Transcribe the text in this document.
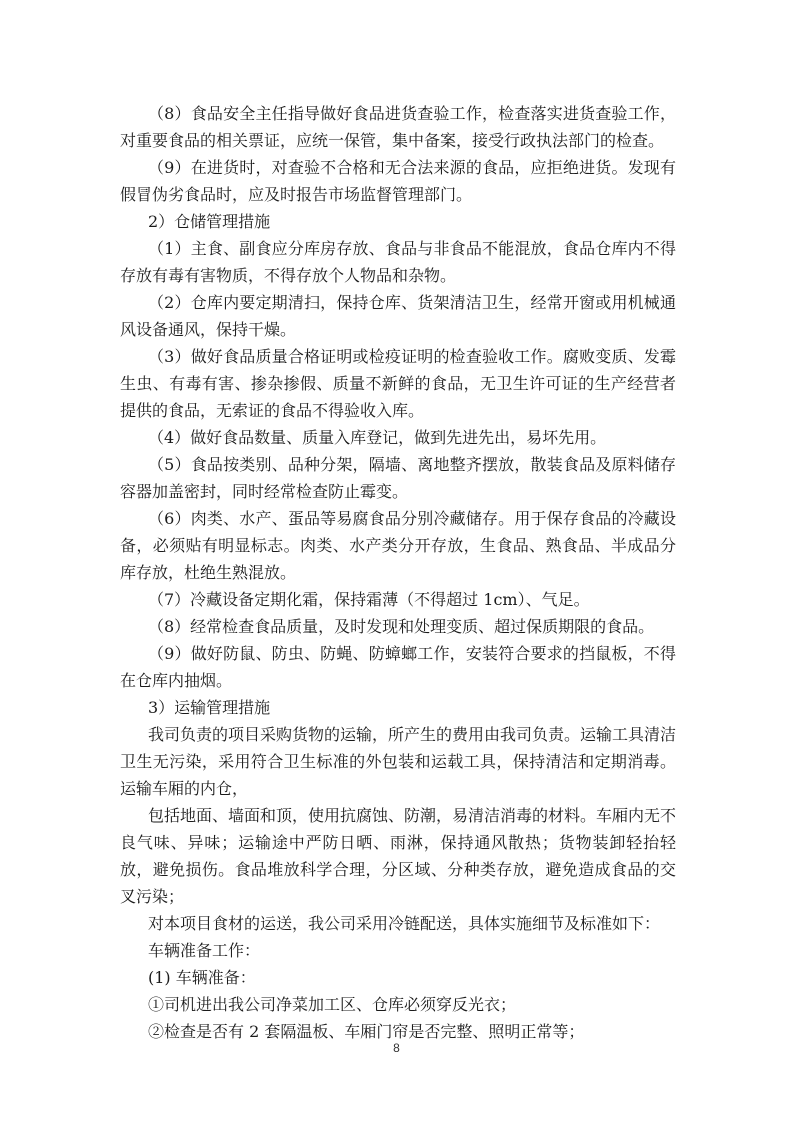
（8）食品安全主任指导做好食品进货查验工作，检查落实进货查验工作，对重要食品的相关票证，应统一保管，集中备案，接受行政执法部门的检查。

（9）在进货时，对查验不合格和无合法来源的食品，应拒绝进货。发现有假冒伪劣食品时，应及时报告市场监督管理部门。

2）仓储管理措施

（1）主食、副食应分库房存放、食品与非食品不能混放，食品仓库内不得存放有毒有害物质，不得存放个人物品和杂物。

（2）仓库内要定期清扫，保持仓库、货架清洁卫生，经常开窗或用机械通风设备通风，保持干燥。

（3）做好食品质量合格证明或检疫证明的检查验收工作。腐败变质、发霉生虫、有毒有害、掺杂掺假、质量不新鲜的食品，无卫生许可证的生产经营者提供的食品，无索证的食品不得验收入库。

（4）做好食品数量、质量入库登记，做到先进先出，易坏先用。

（5）食品按类别、品种分架，隔墙、离地整齐摆放，散装食品及原料储存容器加盖密封，同时经常检查防止霉变。

（6）肉类、水产、蛋品等易腐食品分别冷藏储存。用于保存食品的冷藏设备，必须贴有明显标志。肉类、水产类分开存放，生食品、熟食品、半成品分库存放，杜绝生熟混放。

（7）冷藏设备定期化霜，保持霜薄（不得超过 1cm）、气足。

（8）经常检查食品质量，及时发现和处理变质、超过保质期限的食品。

（9）做好防鼠、防虫、防蝇、防蟑螂工作，安装符合要求的挡鼠板，不得在仓库内抽烟。

3）运输管理措施

我司负责的项目采购货物的运输，所产生的费用由我司负责。运输工具清洁卫生无污染，采用符合卫生标准的外包装和运载工具，保持清洁和定期消毒。运输车厢的内仓，

包括地面、墙面和顶，使用抗腐蚀、防潮，易清洁消毒的材料。车厢内无不良气味、异味；运输途中严防日晒、雨淋，保持通风散热；货物装卸轻抬轻放，避免损伤。食品堆放科学合理，分区域、分种类存放，避免造成食品的交叉污染；

对本项目食材的运送，我公司采用冷链配送，具体实施细节及标准如下：

车辆准备工作：

(1) 车辆准备：

①司机进出我公司净菜加工区、仓库必须穿反光衣；

②检查是否有 2 套隔温板、车厢门帘是否完整、照明正常等；

8
